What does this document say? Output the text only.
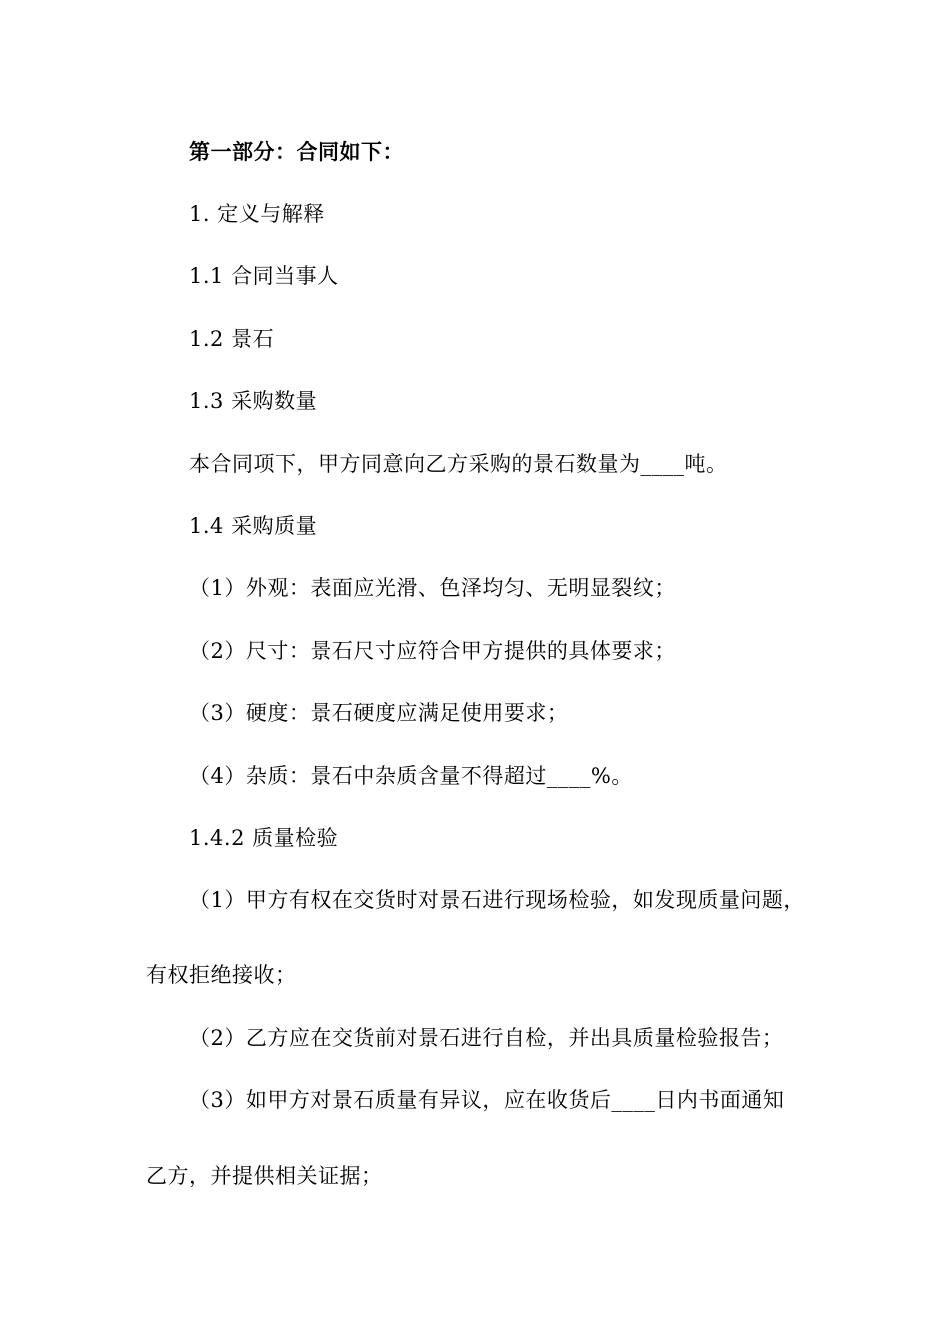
第一部分：合同如下：
1. 定义与解释
1.1 合同当事人
1.2 景石
1.3 采购数量
本合同项下，甲方同意向乙方采购的景石数量为____吨。
1.4 采购质量
（1）外观：表面应光滑、色泽均匀、无明显裂纹；
（2）尺寸：景石尺寸应符合甲方提供的具体要求；
（3）硬度：景石硬度应满足使用要求；
（4）杂质：景石中杂质含量不得超过____%。
1.4.2 质量检验
（1）甲方有权在交货时对景石进行现场检验，如发现质量问题，
有权拒绝接收；
（2）乙方应在交货前对景石进行自检，并出具质量检验报告；
（3）如甲方对景石质量有异议，应在收货后____日内书面通知
乙方，并提供相关证据；
